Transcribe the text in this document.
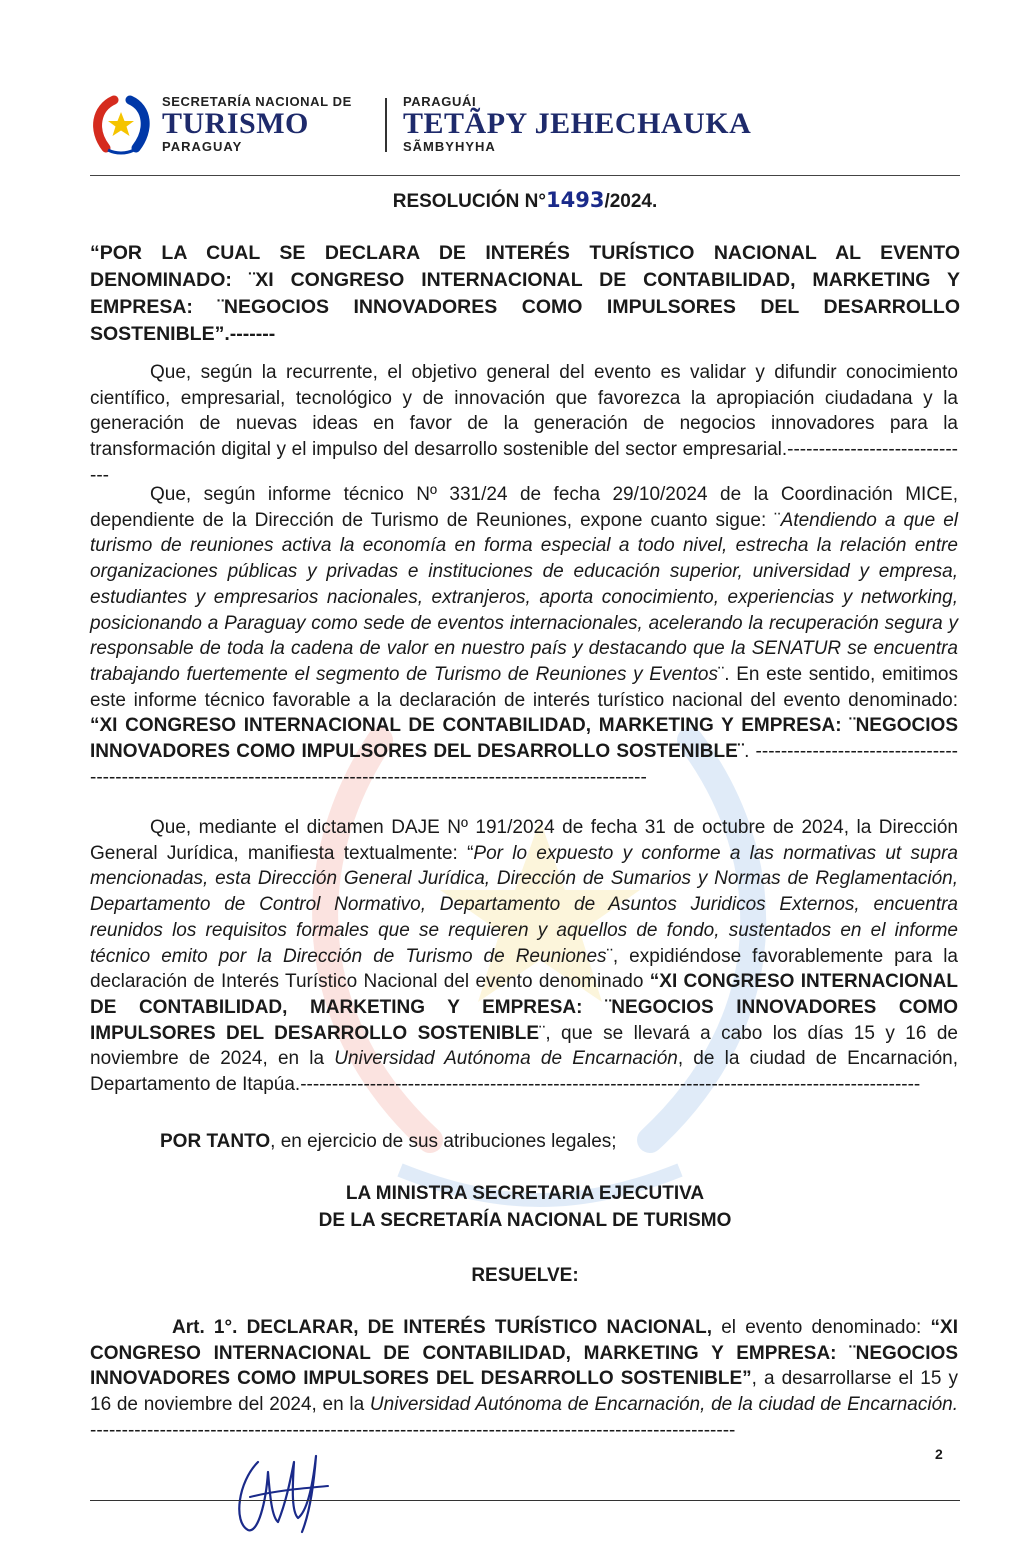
SECRETARÍA NACIONAL DE
TURISMO
PARAGUAY
PARAGUÁI
TETÃPY JEHECHAUKA
SÃMBYHYHA
RESOLUCIÓN N°1493/2024.
“POR LA CUAL SE DECLARA DE INTERÉS TURÍSTICO NACIONAL AL EVENTO DENOMINADO: ¨XI CONGRESO INTERNACIONAL DE CONTABILIDAD, MARKETING Y EMPRESA: ¨NEGOCIOS INNOVADORES COMO IMPULSORES DEL DESARROLLO SOSTENIBLE”.-------

Que, según la recurrente, el objetivo general del evento es validar y difundir conocimiento científico, empresarial, tecnológico y de innovación que favorezca la apropiación ciudadana y la generación de nuevas ideas en favor de la generación de negocios innovadores para la transformación digital y el impulso del desarrollo sostenible del sector empresarial.------------------------------

Que, según informe técnico Nº 331/24 de fecha 29/10/2024 de la Coordinación MICE, dependiente de la Dirección de Turismo de Reuniones, expone cuanto sigue: ¨Atendiendo a que el turismo de reuniones activa la economía en forma especial a todo nivel, estrecha la relación entre organizaciones públicas y privadas e instituciones de educación superior, universidad y empresa, estudiantes y empresarios nacionales, extranjeros, aporta conocimiento, experiencias y networking, posicionando a Paraguay como sede de eventos internacionales, acelerando la recuperación segura y responsable de toda la cadena de valor en nuestro país y destacando que la SENATUR se encuentra trabajando fuertemente el segmento de Turismo de Reuniones y Eventos¨. En este sentido, emitimos este informe técnico favorable a la declaración de interés turístico nacional del evento denominado: “XI CONGRESO INTERNACIONAL DE CONTABILIDAD, MARKETING Y EMPRESA: ¨NEGOCIOS INNOVADORES COMO IMPULSORES DEL DESARROLLO SOSTENIBLE¨. ------------------------------------------------------------------------------------------------------------------------

Que, mediante el dictamen DAJE Nº 191/2024 de fecha 31 de octubre de 2024, la Dirección General Jurídica, manifiesta textualmente: “Por lo expuesto y conforme a las normativas ut supra mencionadas, esta Dirección General Jurídica, Dirección de Sumarios y Normas de Reglamentación, Departamento de Control Normativo, Departamento de Asuntos Juridicos Externos, encuentra reunidos los requisitos formales que se requieren y aquellos de fondo, sustentados en el informe técnico emito por la Dirección de Turismo de Reuniones¨, expidiéndose favorablemente para la declaración de Interés Turístico Nacional del evento denominado “XI CONGRESO INTERNACIONAL DE CONTABILIDAD, MARKETING Y EMPRESA: ¨NEGOCIOS INNOVADORES COMO IMPULSORES DEL DESARROLLO SOSTENIBLE¨, que se llevará a cabo los días 15 y 16 de noviembre de 2024, en la Universidad Autónoma de Encarnación, de la ciudad de Encarnación, Departamento de Itapúa.--------------------------------------------------------------------------------------------------

POR TANTO, en ejercicio de sus atribuciones legales;

LA MINISTRA SECRETARIA EJECUTIVA
DE LA SECRETARÍA NACIONAL DE TURISMO
RESUELVE:

Art. 1°. DECLARAR, DE INTERÉS TURÍSTICO NACIONAL, el evento denominado: “XI CONGRESO INTERNACIONAL DE CONTABILIDAD, MARKETING Y EMPRESA: ¨NEGOCIOS INNOVADORES COMO IMPULSORES DEL DESARROLLO SOSTENIBLE”, a desarrollarse el 15 y 16 de noviembre del 2024, en la Universidad Autónoma de Encarnación, de la ciudad de Encarnación. ------------------------------------------------------------------------------------------------------

2
